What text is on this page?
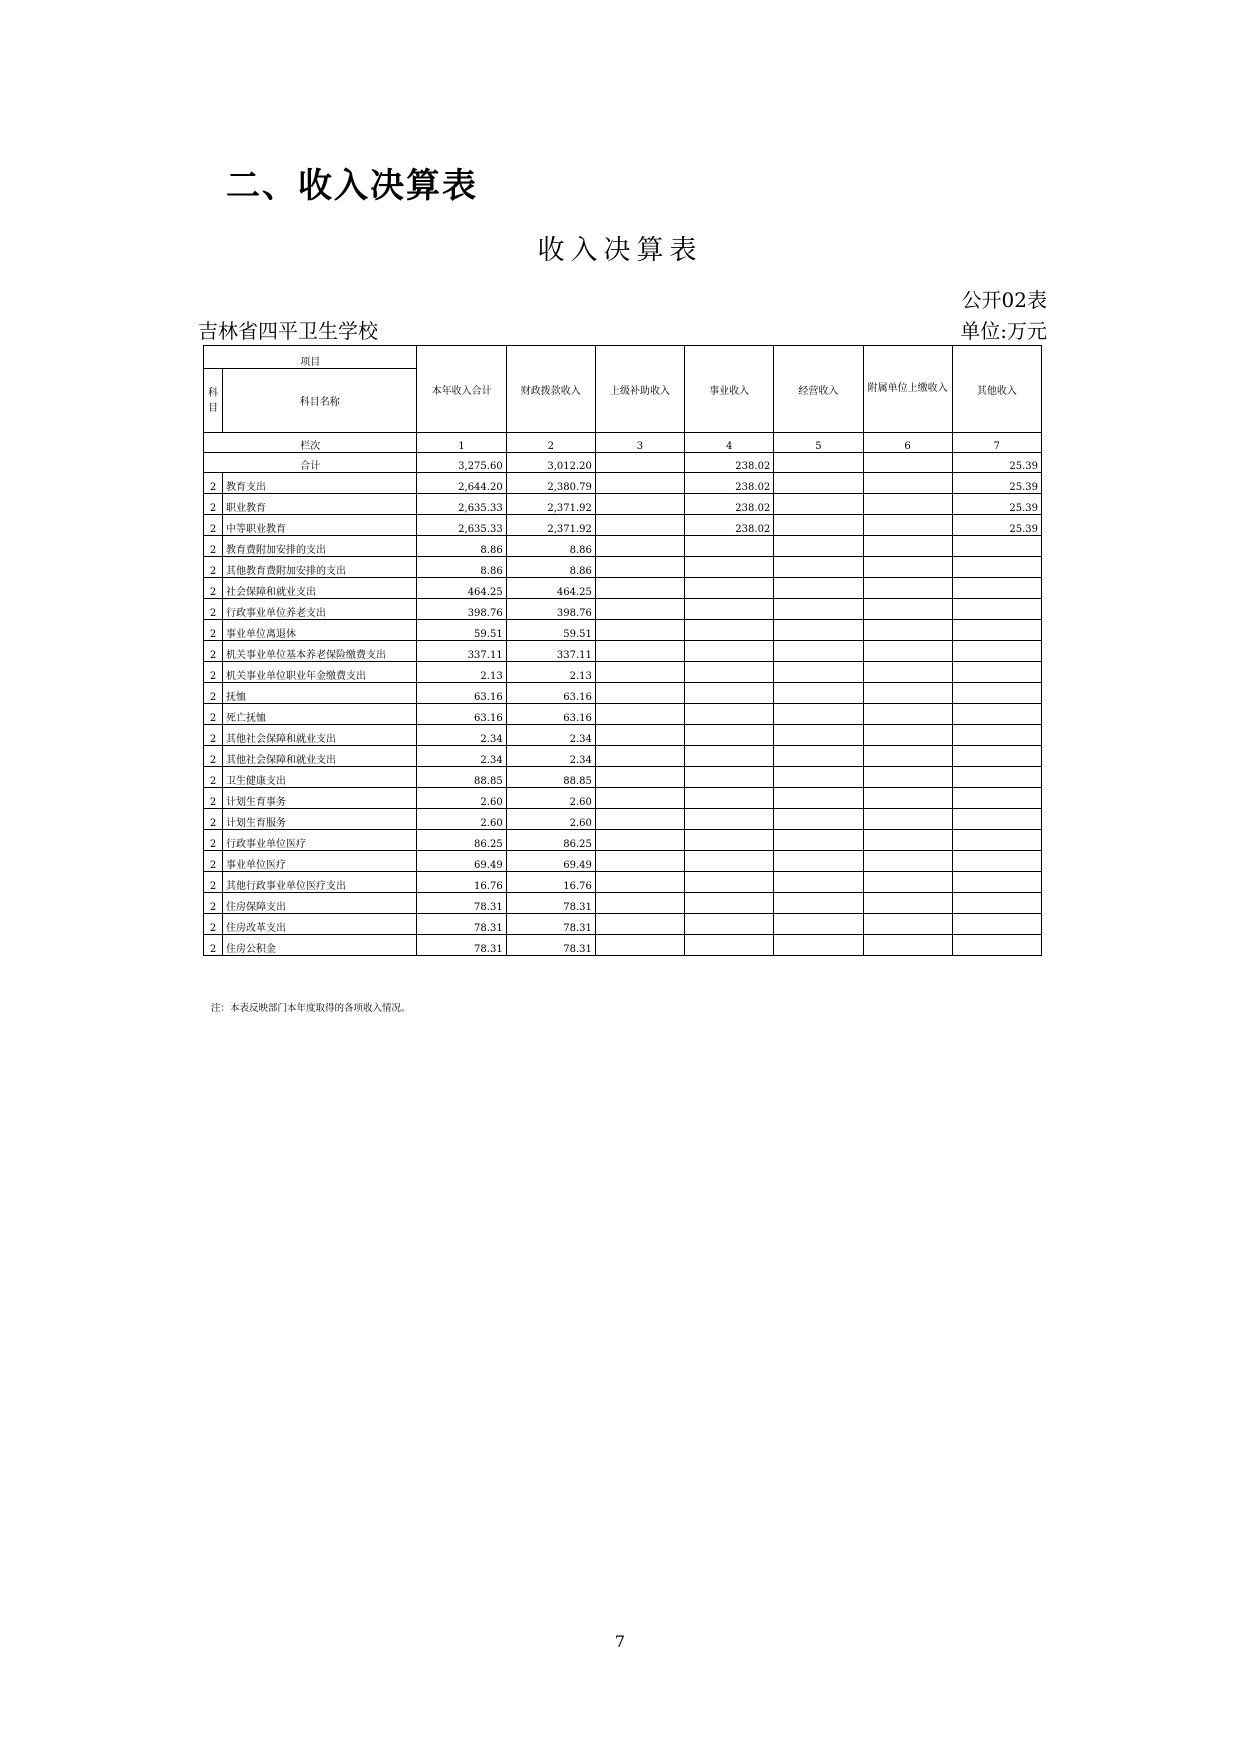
二、收入决算表
收入决算表
公开02表
吉林省四平卫生学校	单位:万元
项目		本年收入合计	财政拨款收入	上级补助收入	事业收入	经营收入	附属单位上缴收入	其他收入
科目	科目名称							
栏次		1	2	3	4	5	6	7
合计		3,275.60	3,012.20		238.02			25.39
2	教育支出	2,644.20	2,380.79		238.02			25.39
2	职业教育	2,635.33	2,371.92		238.02			25.39
2	中等职业教育	2,635.33	2,371.92		238.02			25.39
2	教育费附加安排的支出	8.86	8.86					
2	其他教育费附加安排的支出	8.86	8.86					
2	社会保障和就业支出	464.25	464.25					
2	行政事业单位养老支出	398.76	398.76					
2	事业单位离退休	59.51	59.51					
2	机关事业单位基本养老保险缴费支出	337.11	337.11					
2	机关事业单位职业年金缴费支出	2.13	2.13					
2	抚恤	63.16	63.16					
2	死亡抚恤	63.16	63.16					
2	其他社会保障和就业支出	2.34	2.34					
2	其他社会保障和就业支出	2.34	2.34					
2	卫生健康支出	88.85	88.85					
2	计划生育事务	2.60	2.60					
2	计划生育服务	2.60	2.60					
2	行政事业单位医疗	86.25	86.25					
2	事业单位医疗	69.49	69.49					
2	其他行政事业单位医疗支出	16.76	16.76					
2	住房保障支出	78.31	78.31					
2	住房改革支出	78.31	78.31					
2	住房公积金	78.31	78.31					
注：本表反映部门本年度取得的各项收入情况。
7
